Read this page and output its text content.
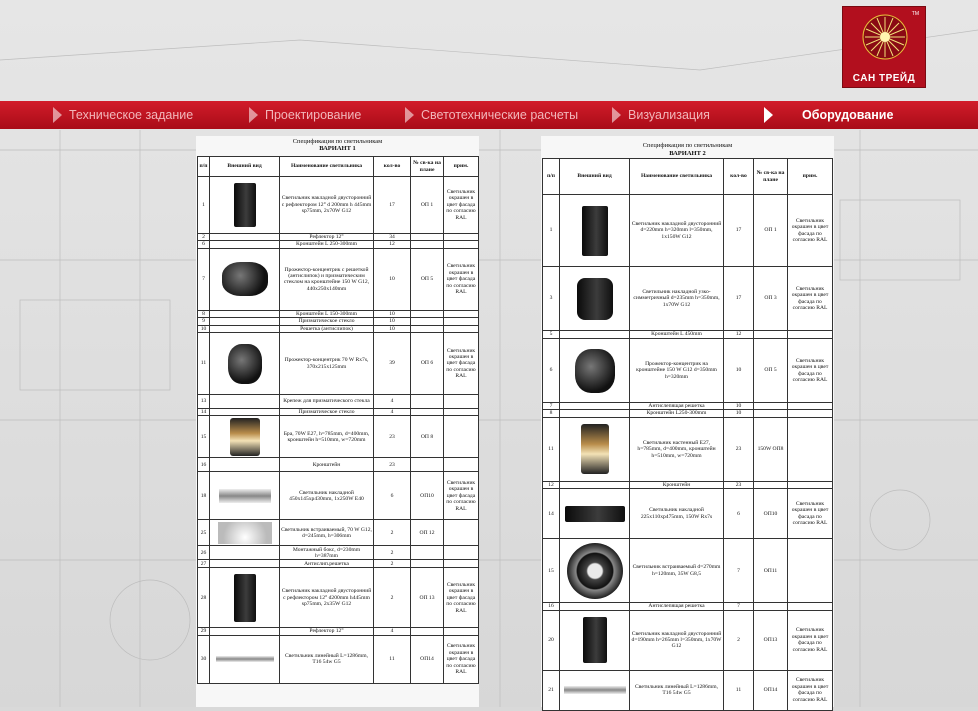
TM
САН ТРЕЙД
Техническое задание	Проектирование	Светотехнические расчеты	Визуализация	Оборудование
Спецификация по светильникам
ВАРИАНТ 1
п/п	Внешний вид	Наименование светильника	кол-во	№ св-ка на плане	прим.
1		Светильник накладной двусторонний с рефлектором 12° d 200mm h 445mm sp75mm, 2x70W G12	17	ОП 1	Светильник окрашен в цвет фасада по согласию RAL
2		Рефлектор 12°	34		
6		Кронштейн L 250-300mm	12		
7		Прожектор-концентрик с решеткой (антислипок) и призматическим стеклом на кронштейне 150 W G12, 440x250x140mm	10	ОП 5	Светильник окрашен в цвет фасада по согласию RAL
8		Кронштейн L 150-300mm	10		
9		Призматическое стекло	10		
10		Решетка (антислипок)	10		
11		Прожектор-концентрик 70 W Rx7s, 370x215x125mm	39	ОП 6	Светильник окрашен в цвет фасада по согласию RAL
13		Крепеж для призматического стекла	4		
14		Призматическое стекло	4		
15		Бра, 70W E27, h=785mm, d=400mm, кронштейн h=510mm, w=720mm	23	ОП 8	
16		Кронштейн	23		
18		Светильник накладной 450x145xp430mm, 1x250W E40	6	ОП10	Светильник окрашен в цвет фасада по согласию RAL
25		Светильник встраиваемый, 70 W G12, d=245mm, h=306mm	2	ОП 12	
26		Монтажный бокс, d=230mm h=387mm	2		
27		Антислип.решетка	2		
28		Светильник накладной двусторонний с рефлектором 12° d200mm h445mm sp75mm, 2x35W G12	2	ОП 13	Светильник окрашен в цвет фасада по согласию RAL
29		Рефлектор 12°	4		
30		Светильник линейный L=1286mm, T16 54w G5	11	ОП14	Светильник окрашен в цвет фасада по согласию RAL
Спецификация по светильникам
ВАРИАНТ 2
п/п	Внешний вид	Наименование светильника	кол-во	№ св-ка на плане	прим.
1		Светильник накладной двусторонний d=220mm h=320mm l=350mm, 1x150W G12	17	ОП 1	Светильник окрашен в цвет фасада по согласию RAL
3		Светильник накладной узко-симметричный d=235mm h=350mm, 1x70W G12	17	ОП 3	Светильник окрашен в цвет фасада по согласию RAL
5		Кронштейн L 450mm	12		
6		Прожектор-концентрик на кронштейне 150 W G12 d=350mm h=320mm	10	ОП 5	Светильник окрашен в цвет фасада по согласию RAL
7		Антислепящая решетка	10		
8		Кронштейн L250-300mm	10		
11		Светильник настенный E27, h=785mm, d=400mm, кронштейн h=510mm, w=720mm	23	150W ОП8	
12		Кронштейн	23		
14		Светильник накладной 225x110xp475mm, 150W Rx7s	6	ОП10	Светильник окрашен в цвет фасада по согласию RAL
15		Светильник встраиваемый d=270mm h=120mm, 35W G8,5	7	ОП11	
16		Антислепящая решетка	7		
20		Светильник накладной двусторонний d=190mm h=265mm l=350mm, 1x70W G12	2	ОП13	Светильник окрашен в цвет фасада по согласию RAL
21		Светильник линейный L=1286mm, T16 54w G5	11	ОП14	Светильник окрашен в цвет фасада по согласию RAL
